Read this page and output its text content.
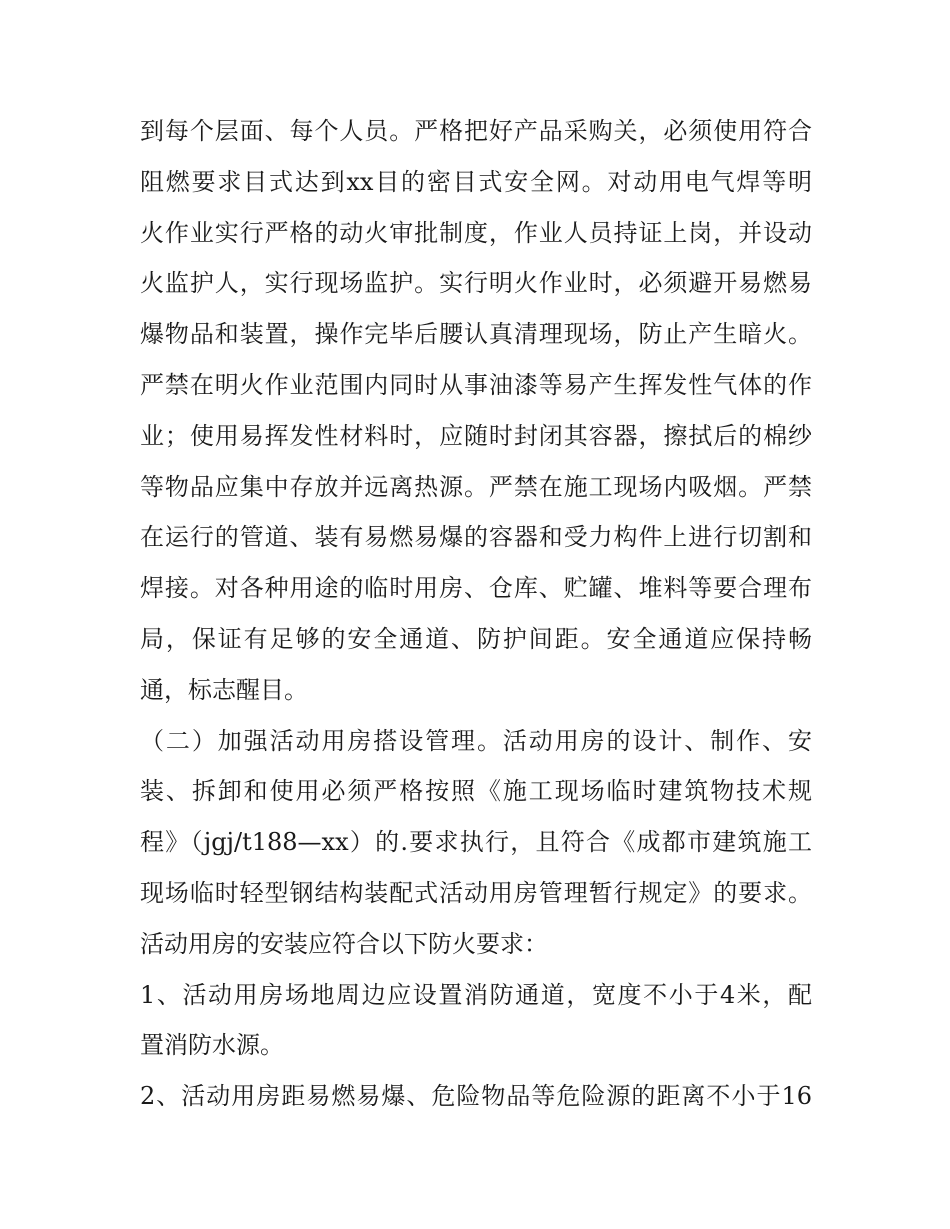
到每个层面、每个人员。严格把好产品采购关，必须使用符合
阻燃要求目式达到xx目的密目式安全网。对动用电气焊等明
火作业实行严格的动火审批制度，作业人员持证上岗，并设动
火监护人，实行现场监护。实行明火作业时，必须避开易燃易
爆物品和装置，操作完毕后腰认真清理现场，防止产生暗火。
严禁在明火作业范围内同时从事油漆等易产生挥发性气体的作
业；使用易挥发性材料时，应随时封闭其容器，擦拭后的棉纱
等物品应集中存放并远离热源。严禁在施工现场内吸烟。严禁
在运行的管道、装有易燃易爆的容器和受力构件上进行切割和
焊接。对各种用途的临时用房、仓库、贮罐、堆料等要合理布
局，保证有足够的安全通道、防护间距。安全通道应保持畅
通，标志醒目。
（二）加强活动用房搭设管理。活动用房的设计、制作、安
装、拆卸和使用必须严格按照《施工现场临时建筑物技术规
程》（jgj/t188—xx）的.要求执行，且符合《成都市建筑施工
现场临时轻型钢结构装配式活动用房管理暂行规定》的要求。
活动用房的安装应符合以下防火要求：
1、活动用房场地周边应设置消防通道，宽度不小于4米，配
置消防水源。
2、活动用房距易燃易爆、危险物品等危险源的距离不小于16
